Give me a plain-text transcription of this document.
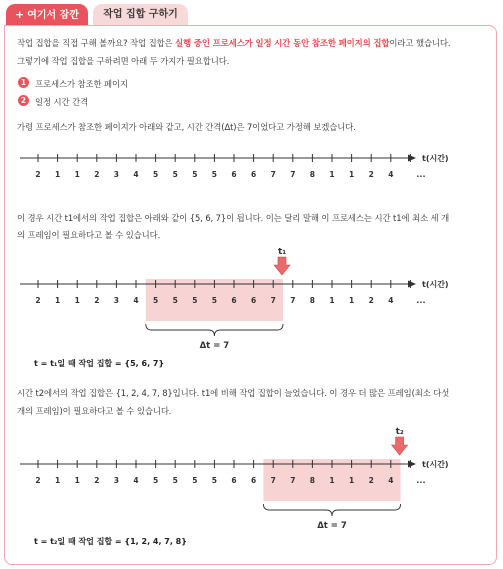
+ 여기서 잠깐	작업 집합 구하기
작업 집합을 직접 구해 볼까요? 작업 집합은 실행 중인 프로세스가 일정 시간 동안 참조한 페이지의 집합이라고 했습니다.
그렇기에 작업 집합을 구하려면 아래 두 가지가 필요합니다.
1	프로세스가 참조한 페이지
2	일정 시간 간격
가령 프로세스가 참조한 페이지가 아래와 같고, 시간 간격(Δt)은 7이었다고 가정해 보겠습니다.
t(시간)
2 1 1 2 3 4 5 5 5 5 6 6 7 7 8 1 1 2 4	...
이 경우 시간 t1에서의 작업 집합은 아래와 같이 {5, 6, 7}이 됩니다. 이는 달리 말해 이 프로세스는 시간 t1에 최소 세 개
의 프레임이 필요하다고 볼 수 있습니다.
t₁
Δt = 7
t(시간)
2 1 1 2 3 4 5 5 5 5 6 6 7 7 8 1 1 2 4	...
t = t₁일 때 작업 집합 = {5, 6, 7}
시간 t2에서의 작업 집합은 {1, 2, 4, 7, 8}입니다. t1에 비해 작업 집합이 늘었습니다. 이 경우 더 많은 프레임(최소 다섯
개의 프레임)이 필요하다고 볼 수 있습니다.
t₂
Δt = 7
t(시간)
2 1 1 2 3 4 5 5 5 5 6 6 7 7 8 1 1 2 4	...
t = t₂일 때 작업 집합 = {1, 2, 4, 7, 8}
